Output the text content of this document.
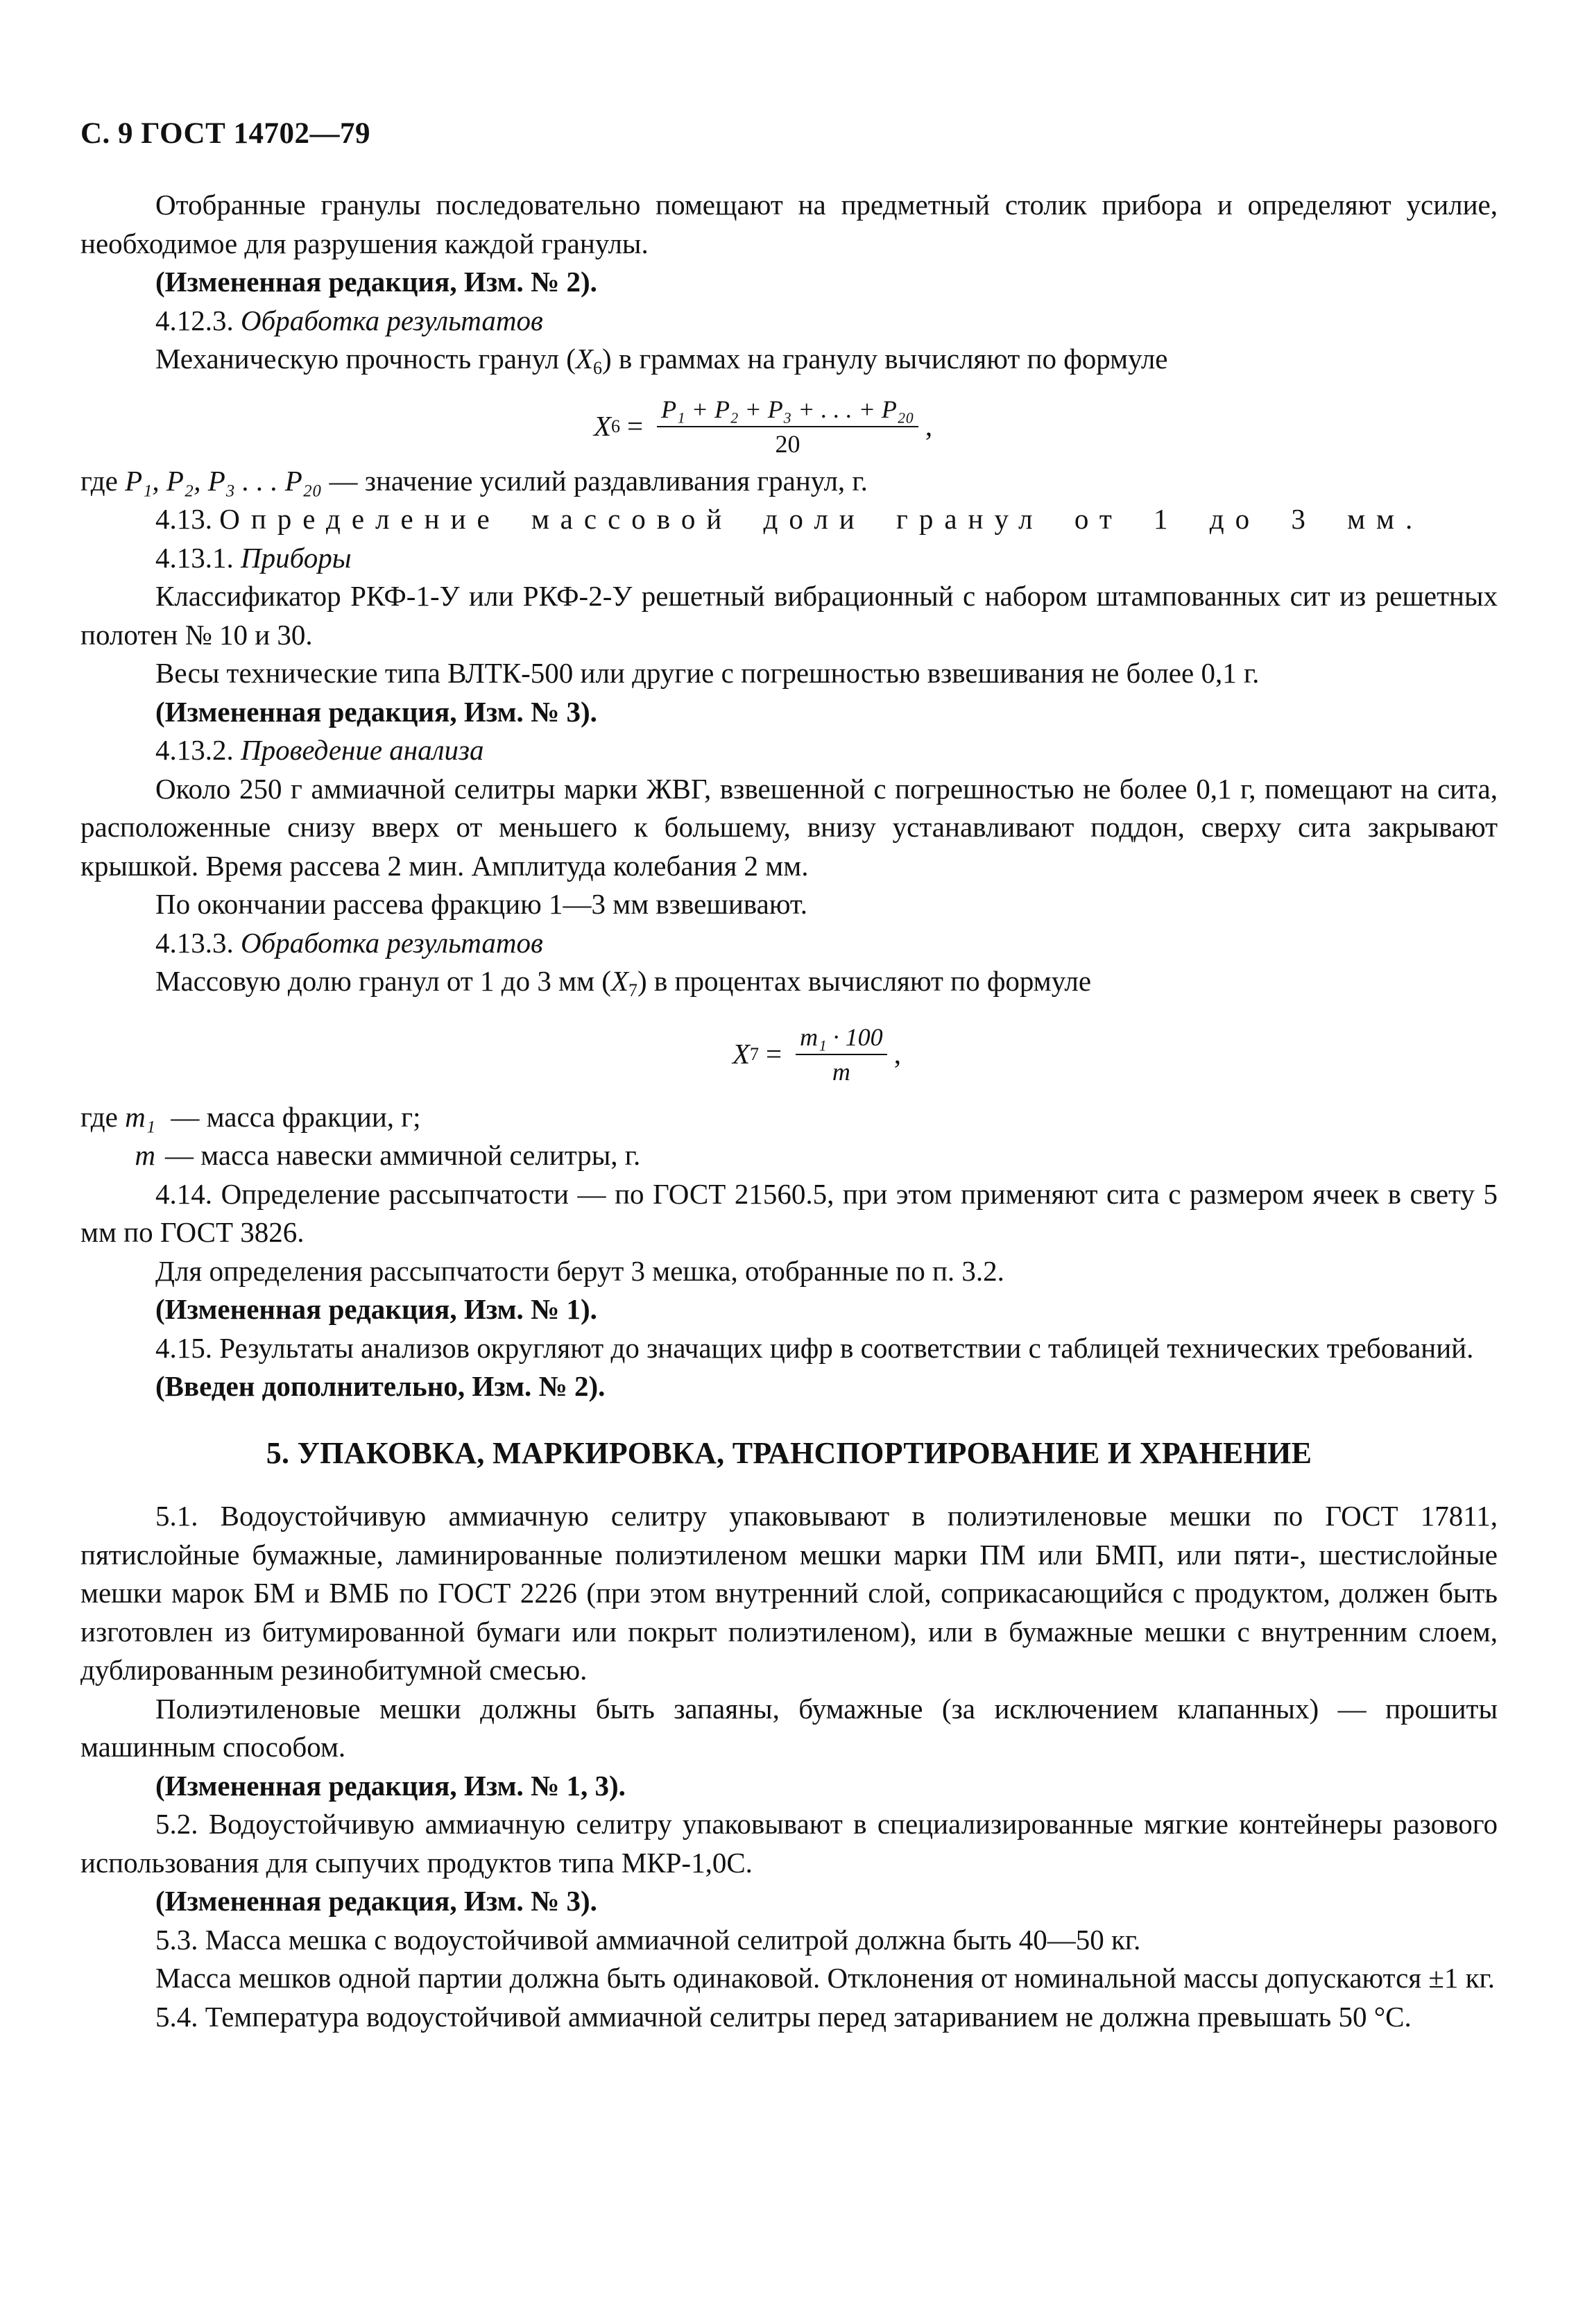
С. 9 ГОСТ 14702—79

Отобранные гранулы последовательно помещают на предметный столик прибора и определяют усилие, необходимое для разрушения каждой гранулы.

(Измененная редакция, Изм. № 2).

4.12.3. Обработка результатов

Механическую прочность гранул $(X_6)$ в граммах на гранулу вычисляют по формуле

X $6 = \frac{\text{P₁ + P₂ + P₃ + . . . + P₂₀}}{20}$ ,

где P₁, P₂, P₃ . . . P₂₀ — значение усилий раздавливания гранул, г.

4.13. Определение массовой доли гранул от 1 до 3 мм.

4.13.1. Приборы

Классификатор РКФ-1-У или РКФ-2-У решетный вибрационный с набором штампованных сит из решетных полотен № 10 и 30.

Весы технические типа ВЛТК-500 или другие с погрешностью взвешивания не более 0,1 г.

(Измененная редакция, Изм. № 3).

4.13.2. Проведение анализа

Около 250 г аммиачной селитры марки ЖВГ, взвешенной с погрешностью не более 0,1 г, помещают на сита, расположенные снизу вверх от меньшего к большему, внизу устанавливают поддон, сверху сита закрывают крышкой. Время рассева 2 мин. Амплитуда колебания 2 мм.

По окончании рассева фракцию 1—3 мм взвешивают.

4.13.3. Обработка результатов

Массовую долю гранул от 1 до 3 мм $(X_7)$ в процентах вычисляют по формуле

X $7 = \frac{\text{m₁ · 100}}{m}$ ,

где
m₁
— масса фракции, г;

m — масса навески аммичной селитры, г.

4.14. Определение рассыпчатости — по ГОСТ 21560.5, при этом применяют сита с размером ячеек в свету 5 мм по ГОСТ 3826.

Для определения рассыпчатости берут 3 мешка, отобранные по п. 3.2.

(Измененная редакция, Изм. № 1).

4.15. Результаты анализов округляют до значащих цифр в соответствии с таблицей технических требований.

(Введен дополнительно, Изм. № 2).

5. УПАКОВКА, МАРКИРОВКА, ТРАНСПОРТИРОВАНИЕ И ХРАНЕНИЕ

5.1. Водоустойчивую аммиачную селитру упаковывают в полиэтиленовые мешки по ГОСТ 17811, пятислойные бумажные, ламинированные полиэтиленом мешки марки ПМ или БМП, или пяти-, шестислойные мешки марок БМ и ВМБ по ГОСТ 2226 (при этом внутренний слой, соприкасающийся с продуктом, должен быть изготовлен из битумированной бумаги или покрыт полиэтиленом), или в бумажные мешки с внутренним слоем, дублированным резинобитумной смесью.

Полиэтиленовые мешки должны быть запаяны, бумажные (за исключением клапанных) — прошиты машинным способом.

(Измененная редакция, Изм. № 1, 3).

5.2. Водоустойчивую аммиачную селитру упаковывают в специализированные мягкие контейнеры разового использования для сыпучих продуктов типа МКР-1,0С.

(Измененная редакция, Изм. № 3).

5.3. Масса мешка с водоустойчивой аммиачной селитрой должна быть 40—50 кг.

Масса мешков одной партии должна быть одинаковой. Отклонения от номинальной массы допускаются ±1 кг.

5.4. Температура водоустойчивой аммиачной селитры перед затариванием не должна превышать 50 °С.
